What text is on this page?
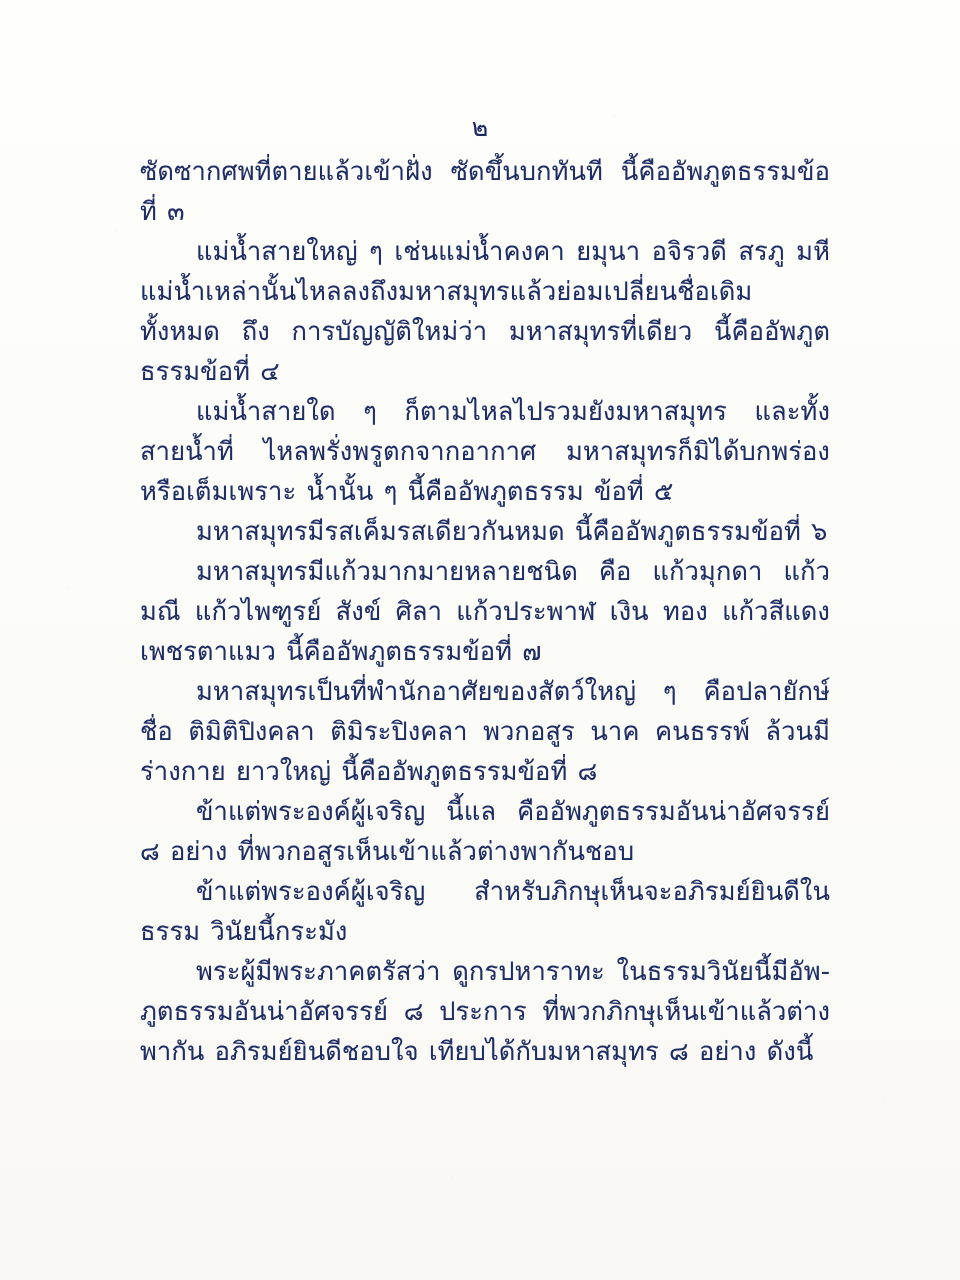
๒

ซัดซากศพที่ตายแล้วเข้าฝั่ง ซัดขึ้นบกทันที นี้คืออัพภูตธรรมข้อที่ ๓

แม่น้ำสายใหญ่ ๆ เช่นแม่น้ำคงคา ยมุนา อจิรวดี สรภู มหี แม่น้ำเหล่านั้นไหลลงถึงมหาสมุทรแล้วย่อมเปลี่ยนชื่อเดิมทั้งหมด ถึง การบัญญัติใหม่ว่า มหาสมุทรที่เดียว นี้คืออัพภูตธรรมข้อที่ ๔

แม่น้ำสายใด ๆ ก็ตามไหลไปรวมยังมหาสมุทร และทั้งสายน้ำที่ ไหลพรั่งพรูตกจากอากาศ มหาสมุทรก็มิได้บกพร่อง หรือเต็มเพราะ น้ำนั้น ๆ นี้คืออัพภูตธรรม ข้อที่ ๕

มหาสมุทรมีรสเค็มรสเดียวกันหมด นี้คืออัพภูตธรรมข้อที่ ๖

มหาสมุทรมีแก้วมากมายหลายชนิด คือ แก้วมุกดา แก้วมณี แก้วไพฑูรย์ สังข์ ศิลา แก้วประพาฬ เงิน ทอง แก้วสีแดง เพชรตาแมว นี้คืออัพภูตธรรมข้อที่ ๗

มหาสมุทรเป็นที่พำนักอาศัยของสัตว์ใหญ่ ๆ คือปลายักษ์ ชื่อ ติมิติปิงคลา ติมิระปิงคลา พวกอสูร นาค คนธรรพ์ ล้วนมีร่างกาย ยาวใหญ่ นี้คืออัพภูตธรรมข้อที่ ๘

ข้าแต่พระองค์ผู้เจริญ นี้แล คืออัพภูตธรรมอันน่าอัศจรรย์ ๘ อย่าง ที่พวกอสูรเห็นเข้าแล้วต่างพากันชอบ

ข้าแต่พระองค์ผู้เจริญ สำหรับภิกษุเห็นจะอภิรมย์ยินดีในธรรม วินัยนี้กระมัง

พระผู้มีพระภาคตรัสว่า ดูกรปหาราทะ ในธรรมวินัยนี้มีอัพ- ภูตธรรมอันน่าอัศจรรย์ ๘ ประการ ที่พวกภิกษุเห็นเข้าแล้วต่างพากัน อภิรมย์ยินดีชอบใจ เทียบได้กับมหาสมุทร ๘ อย่าง ดังนี้
